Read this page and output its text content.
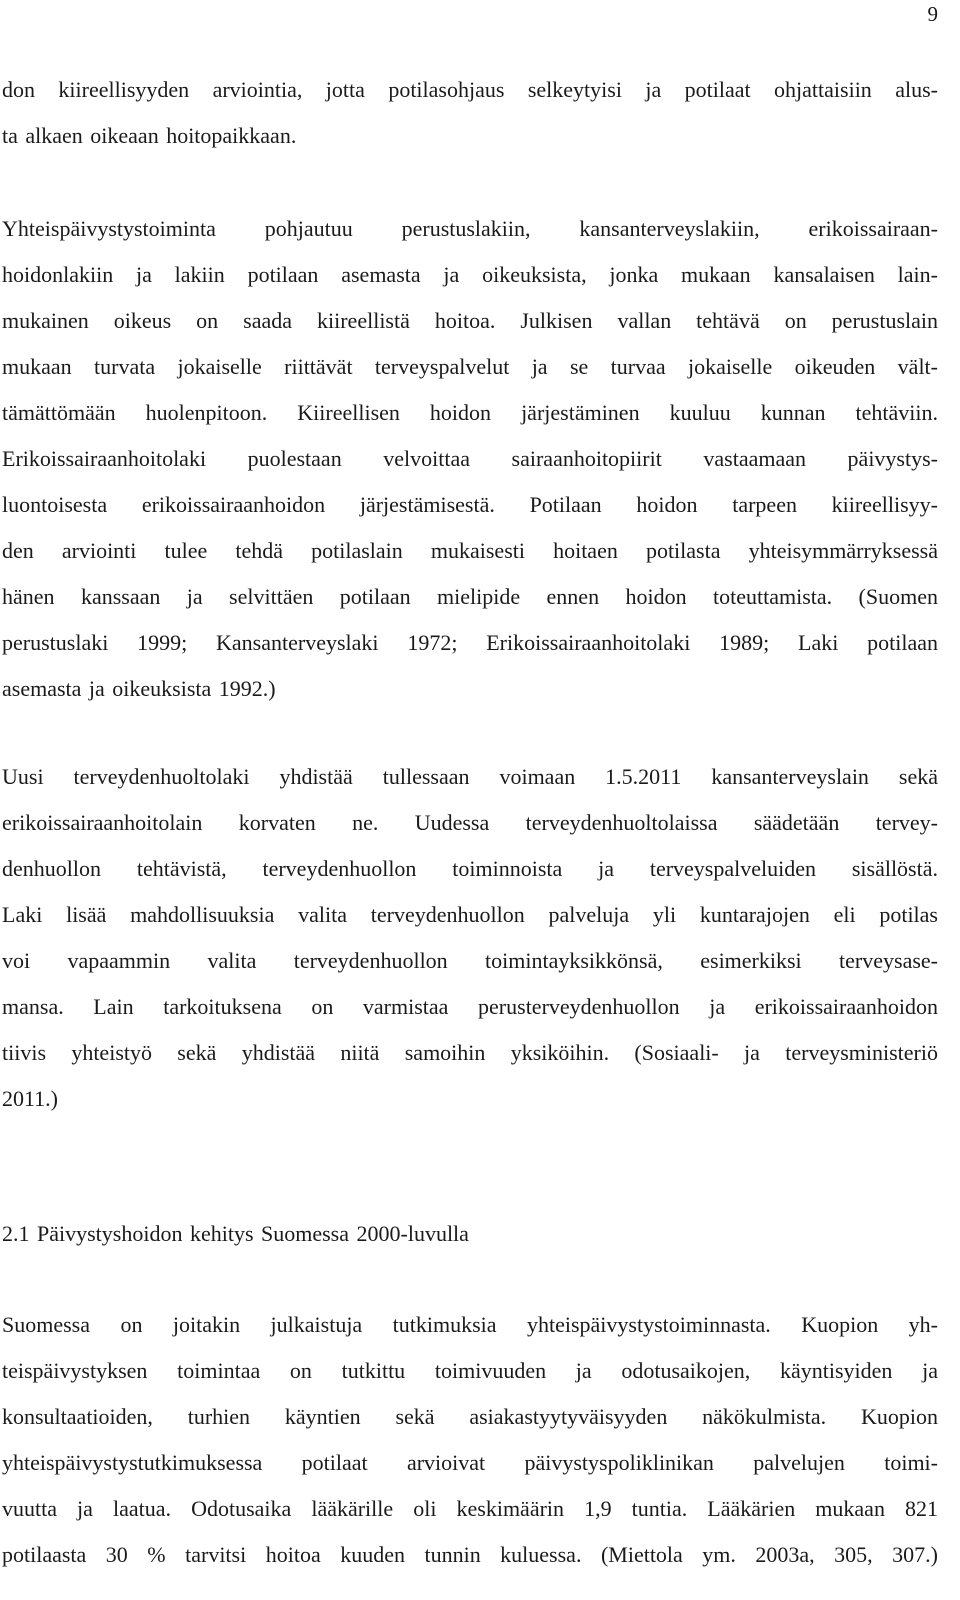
9
don kiireellisyyden arviointia, jotta potilasohjaus selkeytyisi ja potilaat ohjattaisiin alus-
ta alkaen oikeaan hoitopaikkaan.
Yhteispäivystystoiminta pohjautuu perustuslakiin, kansanterveyslakiin, erikoissairaan-
hoidonlakiin ja lakiin potilaan asemasta ja oikeuksista, jonka mukaan kansalaisen lain-
mukainen oikeus on saada kiireellistä hoitoa. Julkisen vallan tehtävä on perustuslain
mukaan turvata jokaiselle riittävät terveyspalvelut ja se turvaa jokaiselle oikeuden vält-
tämättömään huolenpitoon. Kiireellisen hoidon järjestäminen kuuluu kunnan tehtäviin.
Erikoissairaanhoitolaki puolestaan velvoittaa sairaanhoitopiirit vastaamaan päivystys-
luontoisesta erikoissairaanhoidon järjestämisestä. Potilaan hoidon tarpeen kiireellisyy-
den arviointi tulee tehdä potilaslain mukaisesti hoitaen potilasta yhteisymmärryksessä
hänen kanssaan ja selvittäen potilaan mielipide ennen hoidon toteuttamista. (Suomen
perustuslaki 1999; Kansanterveyslaki 1972; Erikoissairaanhoitolaki 1989; Laki potilaan
asemasta ja oikeuksista 1992.)
Uusi terveydenhuoltolaki yhdistää tullessaan voimaan 1.5.2011 kansanterveyslain sekä
erikoissairaanhoitolain korvaten ne. Uudessa terveydenhuoltolaissa säädetään tervey-
denhuollon tehtävistä, terveydenhuollon toiminnoista ja terveyspalveluiden sisällöstä.
Laki lisää mahdollisuuksia valita terveydenhuollon palveluja yli kuntarajojen eli potilas
voi vapaammin valita terveydenhuollon toimintayksikkönsä, esimerkiksi terveysase-
mansa. Lain tarkoituksena on varmistaa perusterveydenhuollon ja erikoissairaanhoidon
tiivis yhteistyö sekä yhdistää niitä samoihin yksiköihin. (Sosiaali- ja terveysministeriö
2011.)
2.1 Päivystyshoidon kehitys Suomessa 2000-luvulla
Suomessa on joitakin julkaistuja tutkimuksia yhteispäivystystoiminnasta. Kuopion yh-
teispäivystyksen toimintaa on tutkittu toimivuuden ja odotusaikojen, käyntisyiden ja
konsultaatioiden, turhien käyntien sekä asiakastyytyväisyyden näkökulmista. Kuopion
yhteispäivystystutkimuksessa potilaat arvioivat päivystyspoliklinikan palvelujen toimi-
vuutta ja laatua. Odotusaika lääkärille oli keskimäärin 1,9 tuntia. Lääkärien mukaan 821
potilaasta 30 % tarvitsi hoitoa kuuden tunnin kuluessa. (Miettola ym. 2003a, 305, 307.)
